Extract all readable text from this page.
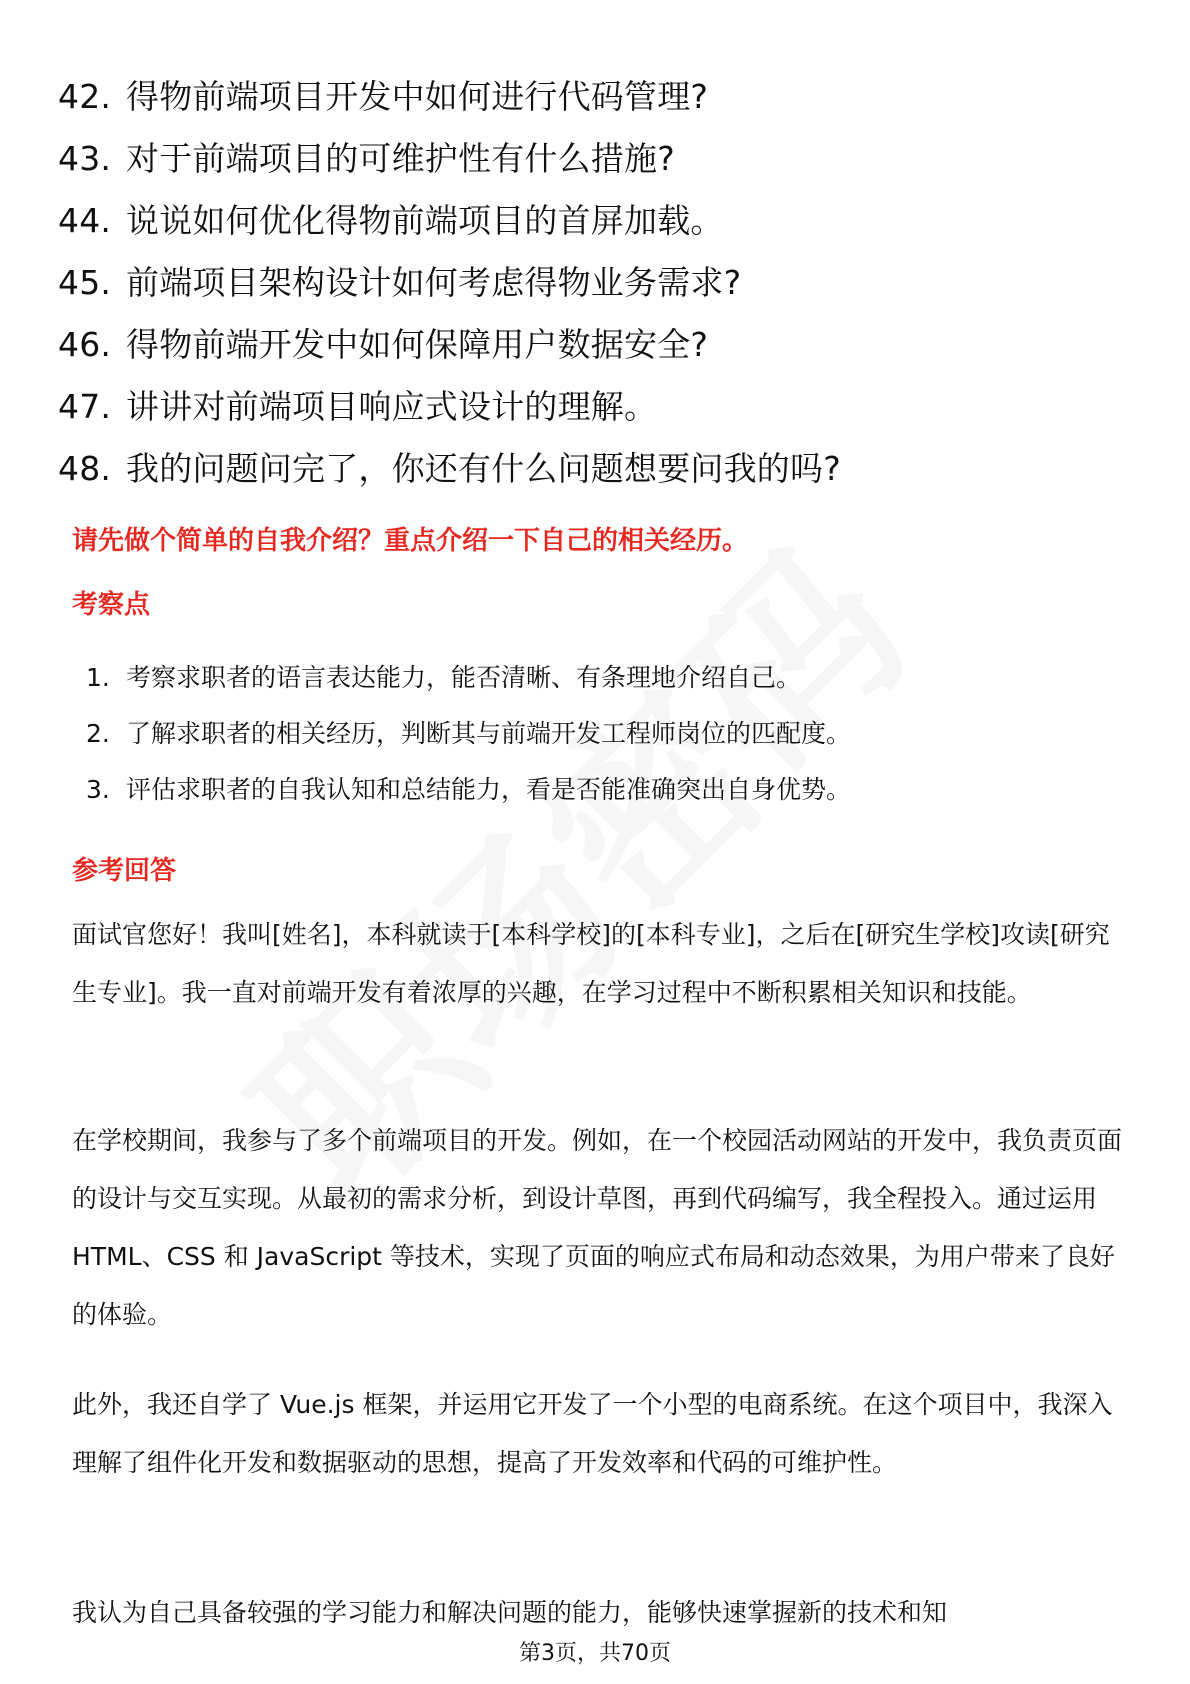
42. 得物前端项目开发中如何进行代码管理?
43. 对于前端项目的可维护性有什么措施?
44. 说说如何优化得物前端项目的首屏加载。
45. 前端项目架构设计如何考虑得物业务需求?
46. 得物前端开发中如何保障用户数据安全?
47. 讲讲对前端项目响应式设计的理解。
48. 我的问题问完了，你还有什么问题想要问我的吗?
请先做个简单的自我介绍？重点介绍一下自己的相关经历。
考察点
1. 考察求职者的语言表达能力，能否清晰、有条理地介绍自己。
2. 了解求职者的相关经历，判断其与前端开发工程师岗位的匹配度。
3. 评估求职者的自我认知和总结能力，看是否能准确突出自身优势。
参考回答

面试官您好！我叫[姓名]，本科就读于[本科学校]的[本科专业]，之后在[研究生学校]攻读[研究生专业]。我一直对前端开发有着浓厚的兴趣，在学习过程中不断积累相关知识和技能。

在学校期间，我参与了多个前端项目的开发。例如，在一个校园活动网站的开发中，我负责页面的设计与交互实现。从最初的需求分析，到设计草图，再到代码编写，我全程投入。通过运用 HTML、CSS 和 JavaScript 等技术，实现了页面的响应式布局和动态效果，为用户带来了良好的体验。

此外，我还自学了 Vue.js 框架，并运用它开发了一个小型的电商系统。在这个项目中，我深入理解了组件化开发和数据驱动的思想，提高了开发效率和代码的可维护性。

我认为自己具备较强的学习能力和解决问题的能力，能够快速掌握新的技术和知

第3页，共70页
